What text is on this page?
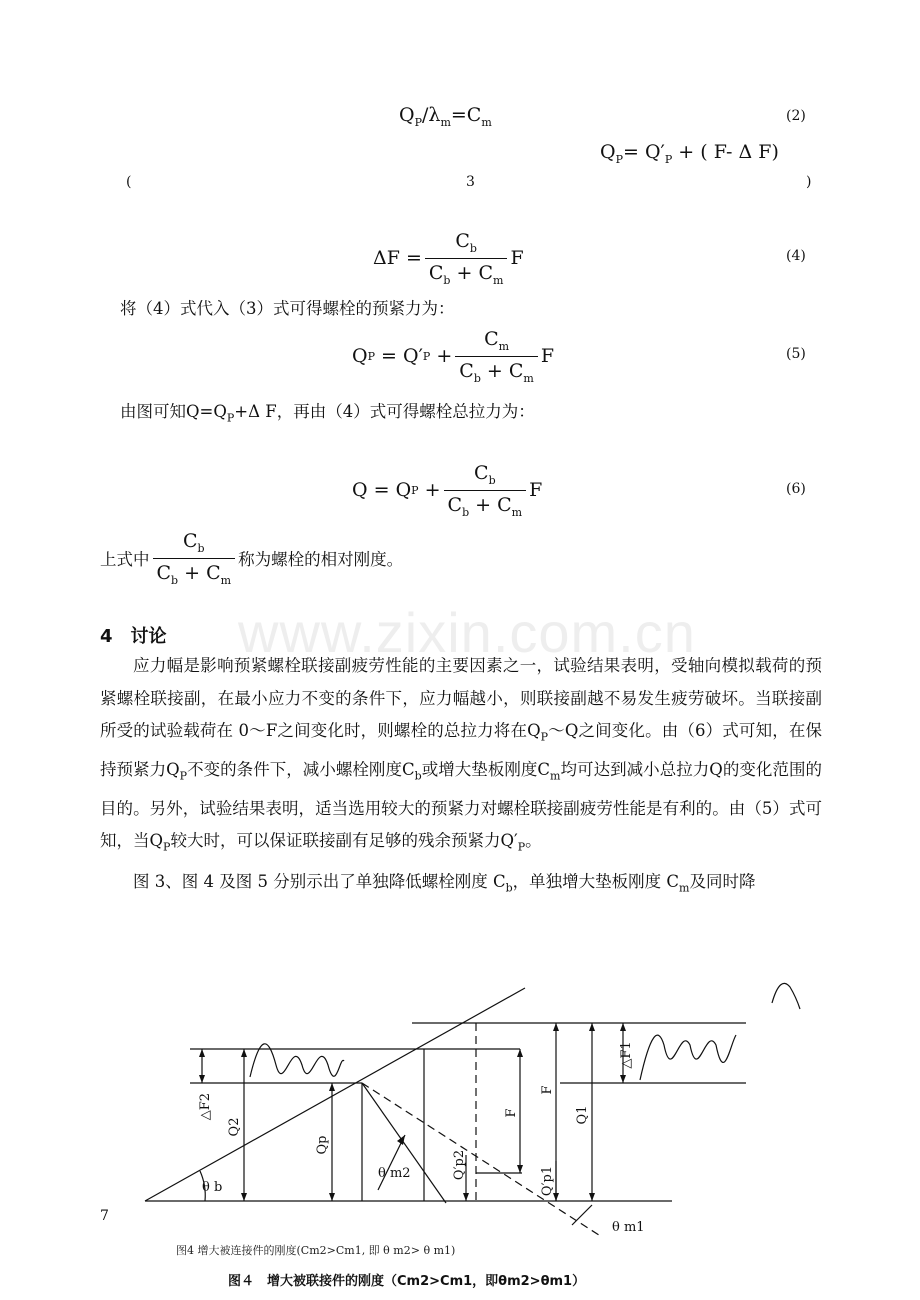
$Q_P/\lambda_m=C_m$	(2)
$Q_P= Q'_P$ + ( F- Δ F)
(	3	)
$\Delta F = \frac{C_b}{C_b + C_m}$ F	(4)
将（4）式代入（3）式可得螺栓的预紧力为：
Q P
= Q′ P
+ $\frac{C_m}{C_b + C_m}$ F	(5)
由图可知$Q=Q_P+\Delta$ F，再由（4）式可得螺栓总拉力为：
Q = Q P
+ $\frac{C_b}{C_b + C_m}$ F	(6)
上式中 $\frac{C_b}{C_b + C_m}$ 称为螺栓的相对刚度。
www.zixin.com.cn
4　讨论

应力幅是影响预紧螺栓联接副疲劳性能的主要因素之一，试验结果表明，受轴向模拟载荷的预紧螺栓联接副，在最小应力不变的条件下，应力幅越小，则联接副越不易发生疲劳破坏。当联接副所受的试验载荷在 0～F之间变化时，则螺栓的总拉力将在$Q_P\sim Q$之间变化。由（6）式可知，在保持预紧力$Q_P$不变的条件下，减小螺栓刚度$C_b$或增大垫板刚度$C_m$均可达到减小总拉力Q的变化范围的目的。另外，试验结果表明，适当选用较大的预紧力对螺栓联接副疲劳性能是有利的。由（5）式可知，当$Q_P$较大时，可以保证联接副有足够的残余预紧力$Q'_P$。

图 3、图 4 及图 5 分别示出了单独降低螺栓刚度 $C_b$，单独增大垫板刚度 $C_m$及同时降

△F2
Q2
Qp
θ b
θ m2	Q′p2
F
F
△F1
Q1
Q′p1
θ m1
7
图4 增大被连接件的刚度(Cm2>Cm1, 即 θ m2> θ m1)
图４　增大被联接件的刚度（Cm2>Cm1，即θm2>θm1）
